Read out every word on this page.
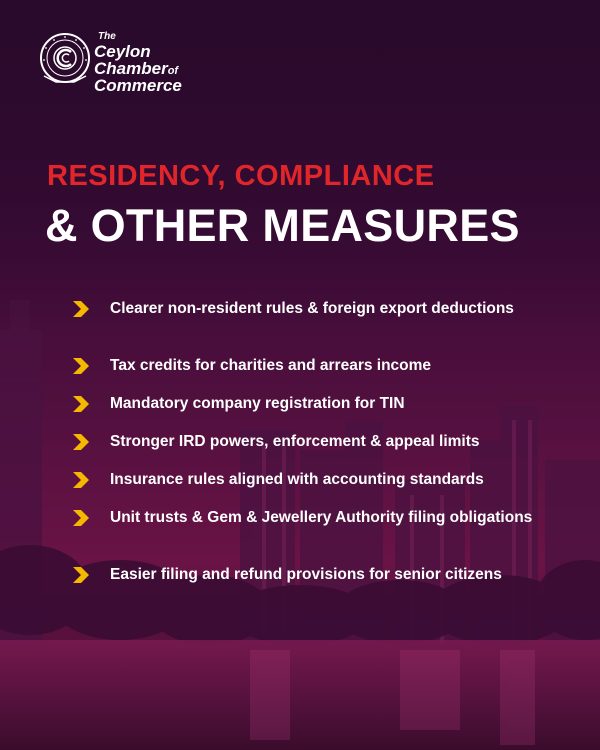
The
Ceylon
Chamberof
Commerce
RESIDENCY, COMPLIANCE
& OTHER MEASURES
Clearer non-resident rules & foreign export deductions
Tax credits for charities and arrears income
Mandatory company registration for TIN
Stronger IRD powers, enforcement & appeal limits
Insurance rules aligned with accounting standards
Unit trusts & Gem & Jewellery Authority filing obligations
Easier filing and refund provisions for senior citizens
